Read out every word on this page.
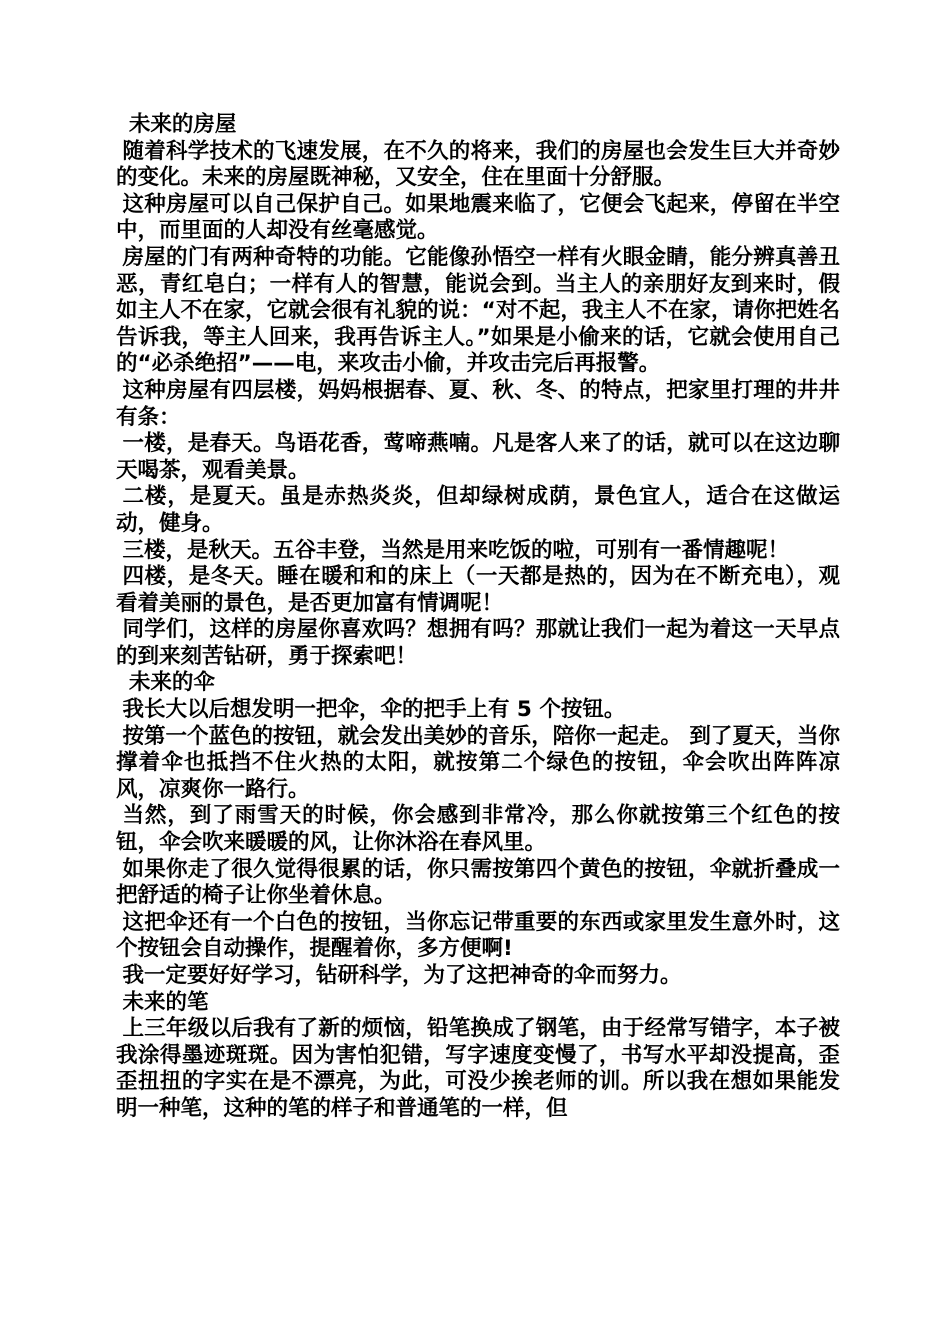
未来的房屋

随着科学技术的飞速发展，在不久的将来，我们的房屋也会发生巨大并奇妙的变化。未来的房屋既神秘，又安全，住在里面十分舒服。

这种房屋可以自己保护自己。如果地震来临了，它便会飞起来，停留在半空中，而里面的人却没有丝毫感觉。

房屋的门有两种奇特的功能。它能像孙悟空一样有火眼金睛，能分辨真善丑恶，青红皂白；一样有人的智慧，能说会到。当主人的亲朋好友到来时，假如主人不在家，它就会很有礼貌的说：“对不起，我主人不在家，请你把姓名告诉我，等主人回来，我再告诉主人。”如果是小偷来的话，它就会使用自己的“必杀绝招”——电，来攻击小偷，并攻击完后再报警。

这种房屋有四层楼，妈妈根据春、夏、秋、冬、的特点，把家里打理的井井有条：

一楼，是春天。鸟语花香，莺啼燕喃。凡是客人来了的话，就可以在这边聊天喝茶，观看美景。

二楼，是夏天。虽是赤热炎炎，但却绿树成荫，景色宜人，适合在这做运动，健身。

三楼，是秋天。五谷丰登，当然是用来吃饭的啦，可别有一番情趣呢！

四楼，是冬天。睡在暖和和的床上（一天都是热的，因为在不断充电），观看着美丽的景色，是否更加富有情调呢！

同学们，这样的房屋你喜欢吗？想拥有吗？那就让我们一起为着这一天早点的到来刻苦钻研，勇于探索吧！

未来的伞

我长大以后想发明一把伞，伞的把手上有 5 个按钮。

按第一个蓝色的按钮，就会发出美妙的音乐，陪你一起走。 到了夏天，当你撑着伞也抵挡不住火热的太阳，就按第二个绿色的按钮，伞会吹出阵阵凉风，凉爽你一路行。

当然，到了雨雪天的时候，你会感到非常冷，那么你就按第三个红色的按钮，伞会吹来暖暖的风，让你沐浴在春风里。

如果你走了很久觉得很累的话，你只需按第四个黄色的按钮，伞就折叠成一把舒适的椅子让你坐着休息。

这把伞还有一个白色的按钮，当你忘记带重要的东西或家里发生意外时，这个按钮会自动操作，提醒着你，多方便啊!

我一定要好好学习，钻研科学，为了这把神奇的伞而努力。

未来的笔

上三年级以后我有了新的烦恼，铅笔换成了钢笔，由于经常写错字，本子被我涂得墨迹斑斑。因为害怕犯错，写字速度变慢了，书写水平却没提高，歪歪扭扭的字实在是不漂亮，为此，可没少挨老师的训。所以我在想如果能发明一种笔，这种的笔的样子和普通笔的一样，但
